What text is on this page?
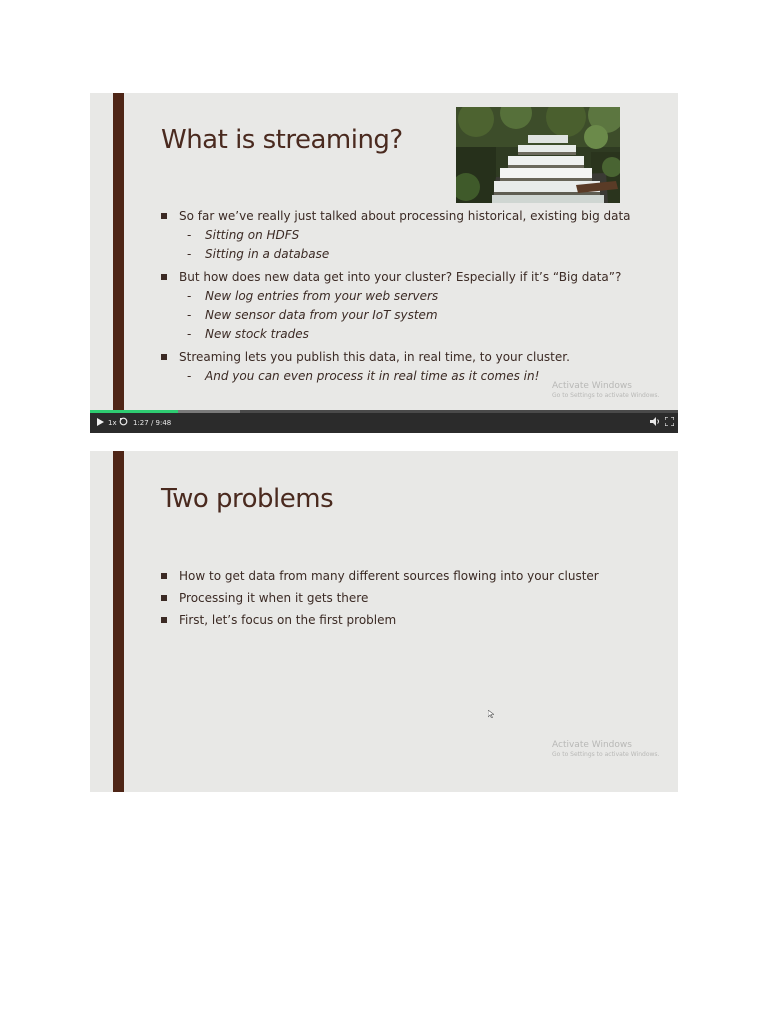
What is streaming?
So far we’ve really just talked about processing historical, existing big data
- Sitting on HDFS
- Sitting in a database
But how does new data get into your cluster? Especially if it’s “Big data”?
- New log entries from your web servers
- New sensor data from your IoT system
- New stock trades
Streaming lets you publish this data, in real time, to your cluster.
- And you can even process it in real time as it comes in!
Activate Windows
Go to Settings to activate Windows.
1x 1:27 / 9:48
Two problems
How to get data from many different sources flowing into your cluster
Processing it when it gets there
First, let’s focus on the first problem
Activate Windows
Go to Settings to activate Windows.
